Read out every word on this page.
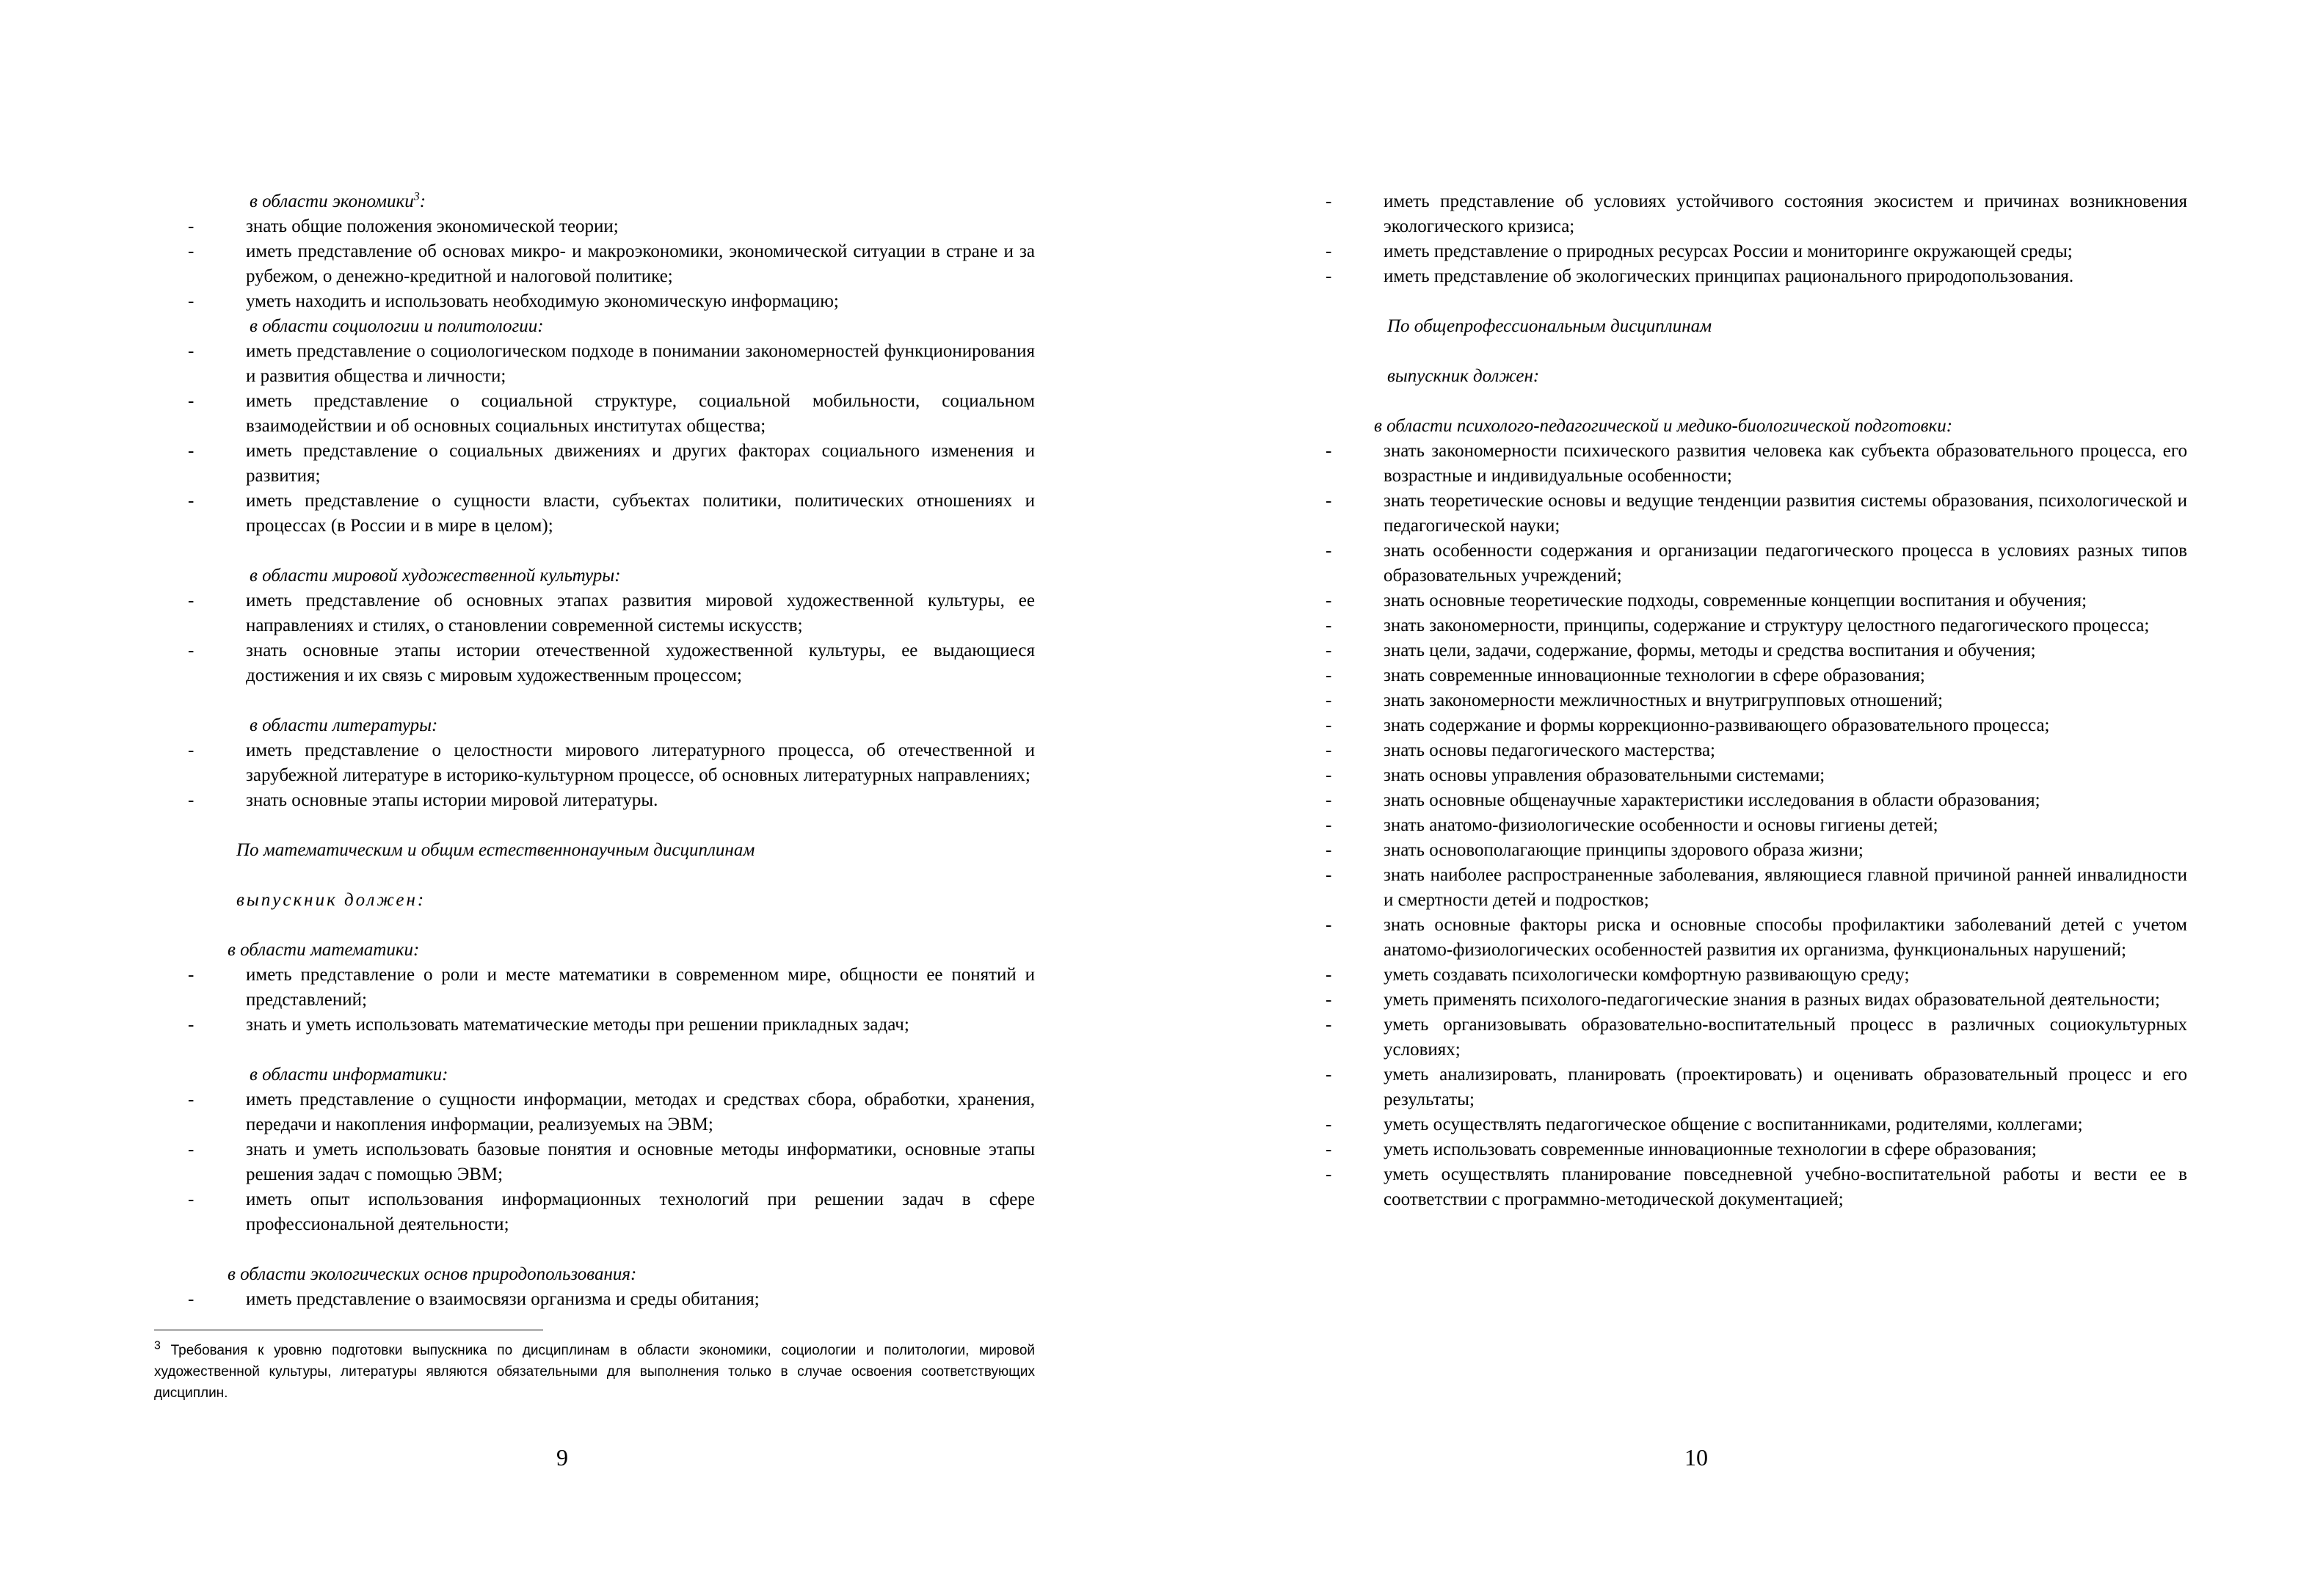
в области экономики$^3$:
-	знать общие положения экономической теории;
-	иметь представление об основах микро- и макроэкономики, экономической ситуации в стране и за рубежом, о денежно-кредитной и налоговой политике;
-	уметь находить и использовать необходимую экономическую информацию;
в области социологии и политологии:
-	иметь представление о социологическом подходе в понимании закономерностей функционирования и развития общества и личности;
-	иметь представление о социальной структуре, социальной мобильности, социальном взаимодействии и об основных социальных институтах общества;
-	иметь представление о социальных движениях и других факторах социального изменения и развития;
-	иметь представление о сущности власти, субъектах политики, политических отношениях и процессах (в России и в мире в целом);
в области мировой художественной культуры:
-	иметь представление об основных этапах развития мировой художественной культуры, ее направлениях и стилях, о становлении современной системы искусств;
-	знать основные этапы истории отечественной художественной культуры, ее выдающиеся достижения и их связь с мировым художественным процессом;
в области литературы:
-	иметь представление о целостности мирового литературного процесса, об отечественной и зарубежной литературе в историко-культурном процессе, об основных литературных направлениях;
-	знать основные этапы истории мировой литературы.
По математическим и общим естественнонаучным дисциплинам
выпускник должен:
в области математики:
-	иметь представление о роли и месте математики в современном мире, общности ее понятий и представлений;
-	знать и уметь использовать математические методы при решении прикладных задач;
в области информатики:
-	иметь представление о сущности информации, методах и средствах сбора, обработки, хранения, передачи и накопления информации, реализуемых на ЭВМ;
-	знать и уметь использовать базовые понятия и основные методы информатики, основные этапы решения задач с помощью ЭВМ;
-	иметь опыт использования информационных технологий при решении задач в сфере профессиональной деятельности;
в области экологических основ природопользования:
-	иметь представление о взаимосвязи организма и среды обитания;
$^3$ Требования к уровню подготовки выпускника по дисциплинам в области экономики, социологии и политологии, мировой художественной культуры, литературы являются обязательными для выполнения только в случае освоения соответствующих дисциплин.
9
-	иметь представление об условиях устойчивого состояния экосистем и причинах возникновения экологического кризиса;
-	иметь представление о природных ресурсах России и мониторинге окружающей среды;
-	иметь представление об экологических принципах рационального природопользования.
По общепрофессиональным дисциплинам
выпускник должен:
в области психолого-педагогической и медико-биологической подготовки:
-	знать закономерности психического развития человека как субъекта образовательного процесса, его возрастные и индивидуальные особенности;
-	знать теоретические основы и ведущие тенденции развития системы образования, психологической и педагогической науки;
-	знать особенности содержания и организации педагогического процесса в условиях разных типов образовательных учреждений;
-	знать основные теоретические подходы, современные концепции воспитания и обучения;
-	знать закономерности, принципы, содержание и структуру целостного педагогического процесса;
-	знать цели, задачи, содержание, формы, методы и средства воспитания и обучения;
-	знать современные инновационные технологии в сфере образования;
-	знать закономерности межличностных и внутригрупповых отношений;
-	знать содержание и формы коррекционно-развивающего образовательного процесса;
-	знать основы педагогического мастерства;
-	знать основы управления образовательными системами;
-	знать основные общенаучные характеристики исследования в области образования;
-	знать анатомо-физиологические особенности и основы гигиены детей;
-	знать основополагающие принципы здорового образа жизни;
-	знать наиболее распространенные заболевания, являющиеся главной причиной ранней инвалидности и смертности детей и подростков;
-	знать основные факторы риска и основные способы профилактики заболеваний детей с учетом анатомо-физиологических особенностей развития их организма, функциональных нарушений;
-	уметь создавать психологически комфортную развивающую среду;
-	уметь применять психолого-педагогические знания в разных видах образовательной деятельности;
-	уметь организовывать образовательно-воспитательный процесс в различных социокультурных условиях;
-	уметь анализировать, планировать (проектировать) и оценивать образовательный процесс и его результаты;
-	уметь осуществлять педагогическое общение с воспитанниками, родителями, коллегами;
-	уметь использовать современные инновационные технологии в сфере образования;
-	уметь осуществлять планирование повседневной учебно-воспитательной работы и вести ее в соответствии с программно-методической документацией;
10
